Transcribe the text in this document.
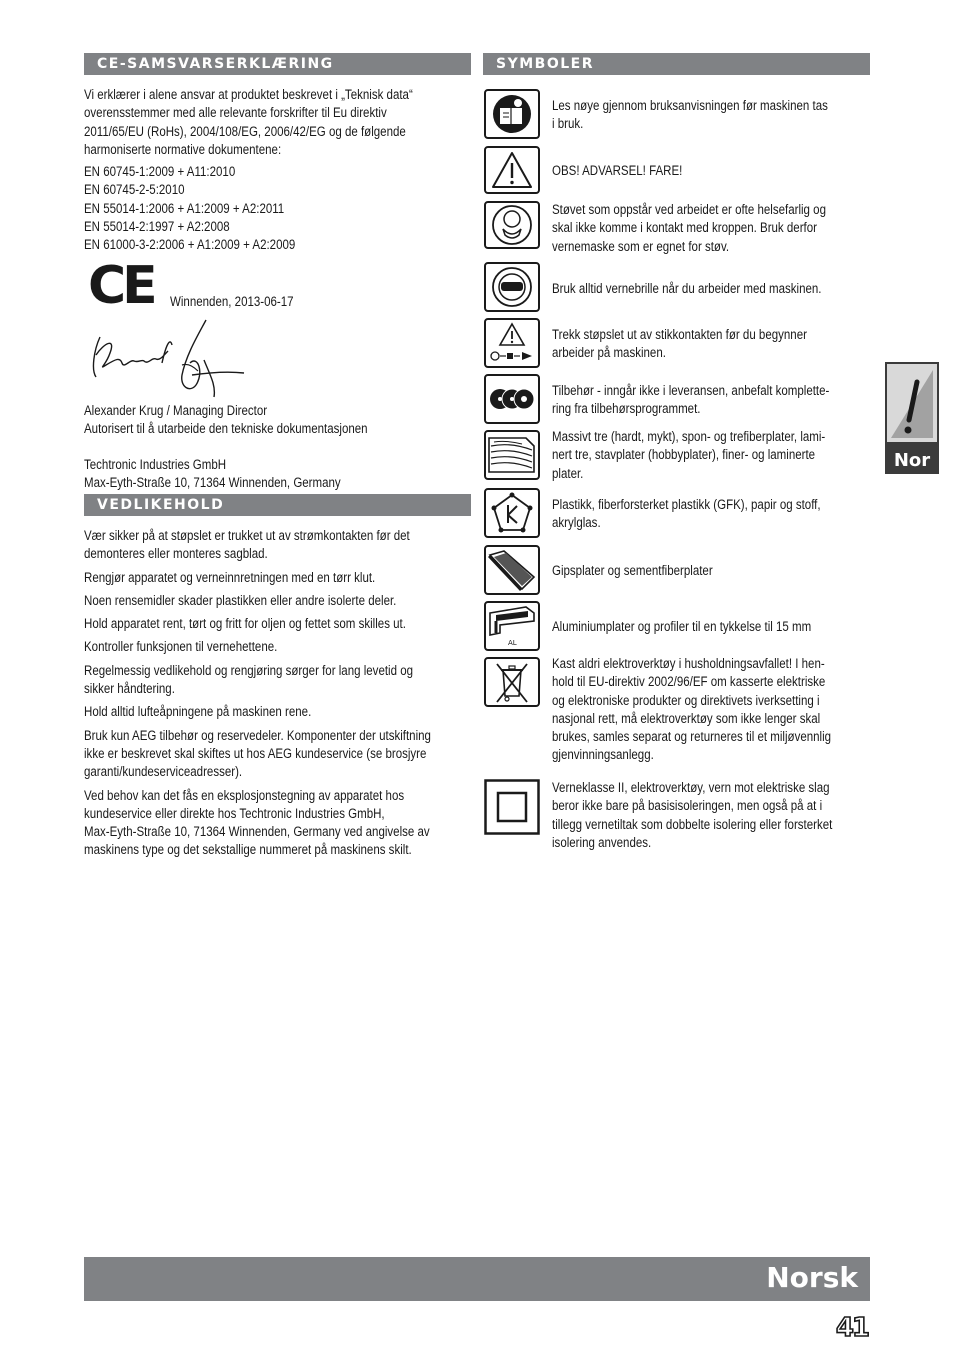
CE-SAMSVARSERKLÆRING
Vi erklærer i alene ansvar at produktet beskrevet i „Teknisk data“
overensstemmer med alle relevante forskrifter til Eu direktiv
2011/65/EU (RoHs), 2004/108/EG, 2006/42/EG og de følgende
harmoniserte normative dokumentene:
EN 60745-1:2009 + A11:2010
EN 60745-2-5:2010
EN 55014-1:2006 + A1:2009 + A2:2011
EN 55014-2:1997 + A2:2008
EN 61000-3-2:2006 + A1:2009 + A2:2009
CE Winnenden, 2013-06-17
Alexander Krug / Managing Director
Autorisert til å utarbeide den tekniske dokumentasjonen
Techtronic Industries GmbH
Max-Eyth-Straße 10, 71364 Winnenden, Germany
VEDLIKEHOLD
Vær sikker på at støpslet er trukket ut av strømkontakten før det
demonteres eller monteres sagblad.
Rengjør apparatet og verneinnretningen med en tørr klut.
Noen rensemidler skader plastikken eller andre isolerte deler.
Hold apparatet rent, tørt og fritt for oljen og fettet som skilles ut.
Kontroller funksjonen til vernehettene.
Regelmessig vedlikehold og rengjøring sørger for lang levetid og
sikker håndtering.
Hold alltid lufteåpningene på maskinen rene.
Bruk kun AEG tilbehør og reservedeler. Komponenter der utskiftning
ikke er beskrevet skal skiftes ut hos AEG kundeservice (se brosjyre
garanti/kundeserviceadresser).
Ved behov kan det fås en eksplosjonstegning av apparatet hos
kundeservice eller direkte hos Techtronic Industries GmbH,
Max-Eyth-Straße 10, 71364 Winnenden, Germany ved angivelse av
maskinens type og det sekstallige nummeret på maskinens skilt.
SYMBOLER
Les nøye gjennom bruksanvisningen før maskinen tas
i bruk.
OBS! ADVARSEL! FARE!
Støvet som oppstår ved arbeidet er ofte helsefarlig og
skal ikke komme i kontakt med kroppen. Bruk derfor
vernemaske som er egnet for støv.
Bruk alltid vernebrille når du arbeider med maskinen.
Trekk støpslet ut av stikkontakten før du begynner
arbeider på maskinen.
Tilbehør - inngår ikke i leveransen, anbefalt komplette-
ring fra tilbehørsprogrammet.
Massivt tre (hardt, mykt), spon- og trefiberplater, lami-
nert tre, stavplater (hobbyplater), finer- og laminerte
plater.
Plastikk, fiberforsterket plastikk (GFK), papir og stoff,
akrylglas.
Gipsplater og sementfiberplater
AL
Aluminiumplater og profiler til en tykkelse til 15 mm
Kast aldri elektroverktøy i husholdningsavfallet! I hen-
hold til EU-direktiv 2002/96/EF om kasserte elektriske
og elektroniske produkter og direktivets iverksetting i
nasjonal rett, må elektroverktøy som ikke lenger skal
brukes, samles separat og returneres til et miljøvennlig
gjenvinningsanlegg.
Verneklasse II, elektroverktøy, vern mot elektriske slag
beror ikke bare på basisisoleringen, men også på at i
tillegg vernetiltak som dobbelte isolering eller forsterket
isolering anvendes.
Nor
Norsk
41
